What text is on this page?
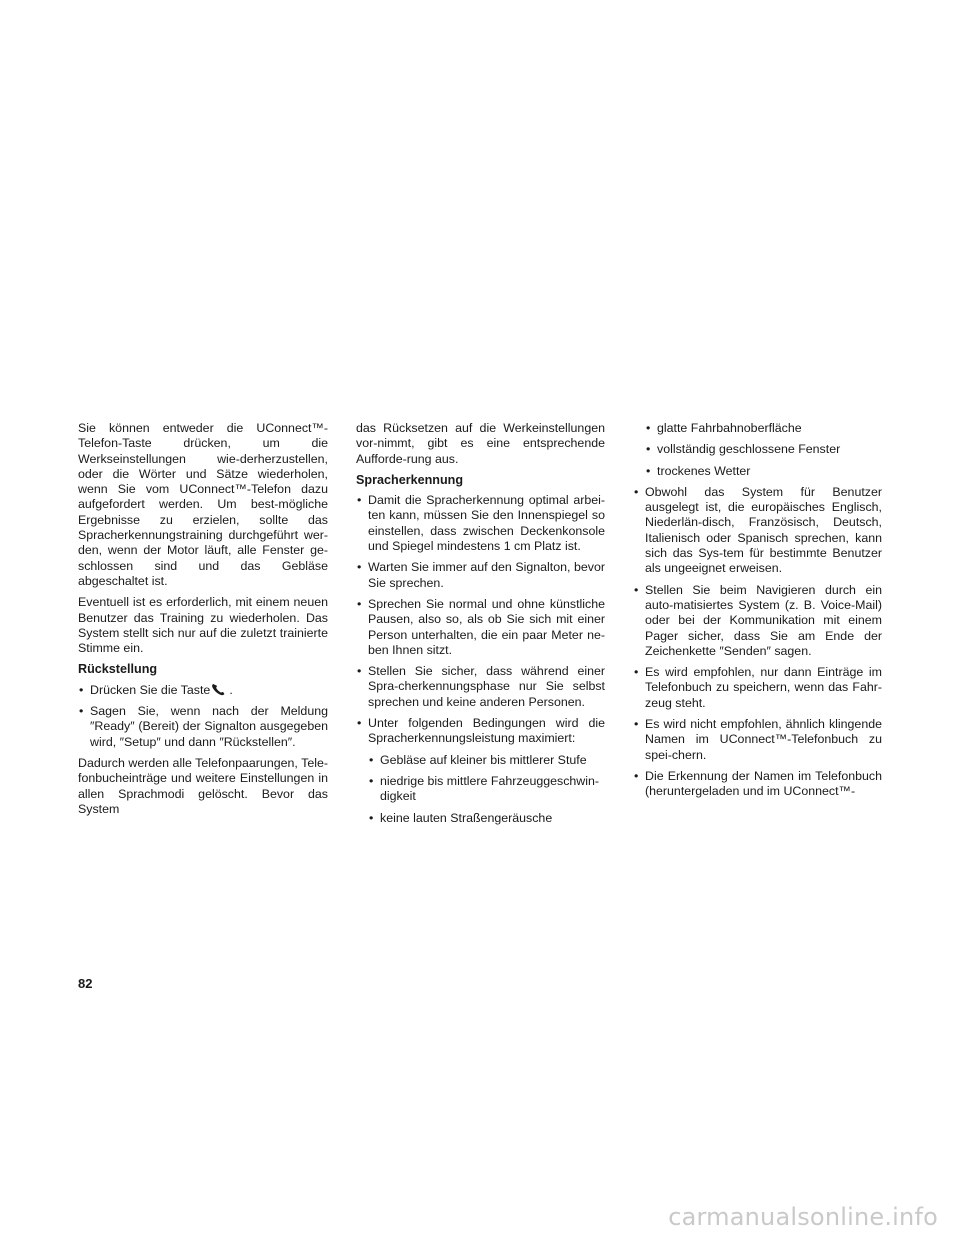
Sie können entweder die UConnect™-Telefon-Taste drücken, um die Werkseinstellungen wie-derherzustellen, oder die Wörter und Sätze wiederholen, wenn Sie vom UConnect™-Telefon dazu aufgefordert werden. Um best-mögliche Ergebnisse zu erzielen, sollte das Spracherkennungstraining durchgeführt wer-den, wenn der Motor läuft, alle Fenster ge-schlossen sind und das Gebläse abgeschaltet ist.

Eventuell ist es erforderlich, mit einem neuen Benutzer das Training zu wiederholen. Das System stellt sich nur auf die zuletzt trainierte Stimme ein.

Rückstellung
• Drücken Sie die Taste .
• Sagen Sie, wenn nach der Meldung ″Ready″ (Bereit) der Signalton ausgegeben wird, ″Setup″ und dann ″Rückstellen″.

Dadurch werden alle Telefonpaarungen, Tele-fonbucheinträge und weitere Einstellungen in allen Sprachmodi gelöscht. Bevor das System

das Rücksetzen auf die Werkeinstellungen vor-nimmt, gibt es eine entsprechende Aufforde-rung aus.

Spracherkennung
• Damit die Spracherkennung optimal arbei-ten kann, müssen Sie den Innenspiegel so einstellen, dass zwischen Deckenkonsole und Spiegel mindestens 1 cm Platz ist.
• Warten Sie immer auf den Signalton, bevor Sie sprechen.
• Sprechen Sie normal und ohne künstliche Pausen, also so, als ob Sie sich mit einer Person unterhalten, die ein paar Meter ne-ben Ihnen sitzt.
• Stellen Sie sicher, dass während einer Spra-cherkennungsphase nur Sie selbst sprechen und keine anderen Personen.
• Unter folgenden Bedingungen wird die Spracherkennungsleistung maximiert:
• Gebläse auf kleiner bis mittlerer Stufe
• niedrige bis mittlere Fahrzeuggeschwin-digkeit
• keine lauten Straßengeräusche
• glatte Fahrbahnoberfläche
• vollständig geschlossene Fenster
• trockenes Wetter
• Obwohl das System für Benutzer ausgelegt ist, die europäisches Englisch, Niederlän-disch, Französisch, Deutsch, Italienisch oder Spanisch sprechen, kann sich das Sys-tem für bestimmte Benutzer als ungeeignet erweisen.
• Stellen Sie beim Navigieren durch ein auto-matisiertes System (z. B. Voice-Mail) oder bei der Kommunikation mit einem Pager sicher, dass Sie am Ende der Zeichenkette ″Senden″ sagen.
• Es wird empfohlen, nur dann Einträge im Telefonbuch zu speichern, wenn das Fahr-zeug steht.
• Es wird nicht empfohlen, ähnlich klingende Namen im UConnect™-Telefonbuch zu spei-chern.
• Die Erkennung der Namen im Telefonbuch (heruntergeladen und im UConnect™-
82
carmanualsonline.info
